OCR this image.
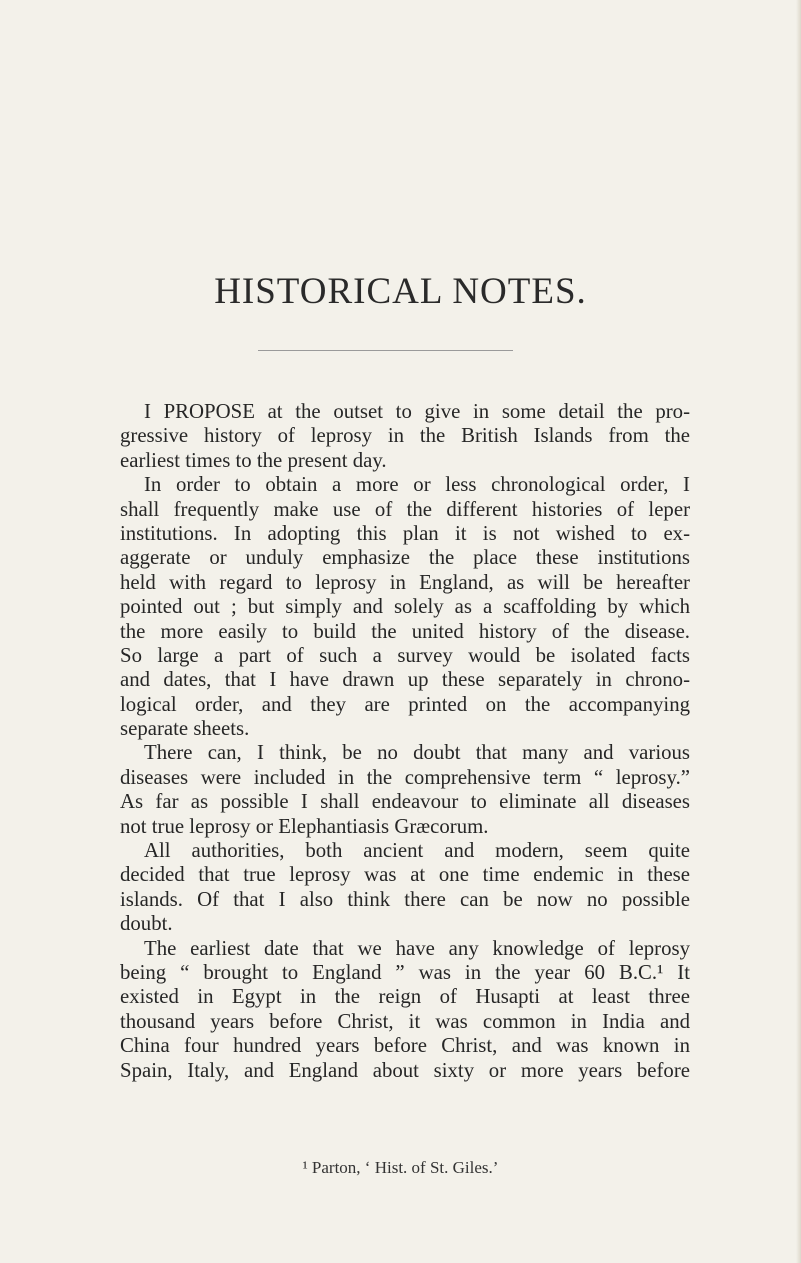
HISTORICAL NOTES.
I PROPOSE at the outset to give in some detail the pro-
gressive history of leprosy in the British Islands from the
earliest times to the present day.
In order to obtain a more or less chronological order, I
shall frequently make use of the different histories of leper
institutions. In adopting this plan it is not wished to ex-
aggerate or unduly emphasize the place these institutions
held with regard to leprosy in England, as will be hereafter
pointed out ; but simply and solely as a scaffolding by which
the more easily to build the united history of the disease.
So large a part of such a survey would be isolated facts
and dates, that I have drawn up these separately in chrono-
logical order, and they are printed on the accompanying
separate sheets.
There can, I think, be no doubt that many and various
diseases were included in the comprehensive term “ leprosy.”
As far as possible I shall endeavour to eliminate all diseases
not true leprosy or Elephantiasis Græcorum.
All authorities, both ancient and modern, seem quite
decided that true leprosy was at one time endemic in these
islands. Of that I also think there can be now no possible
doubt.
The earliest date that we have any knowledge of leprosy
being “ brought to England ” was in the year 60 B.C.¹ It
existed in Egypt in the reign of Husapti at least three
thousand years before Christ, it was common in India and
China four hundred years before Christ, and was known in
Spain, Italy, and England about sixty or more years before
¹ Parton, ‘ Hist. of St. Giles.’
